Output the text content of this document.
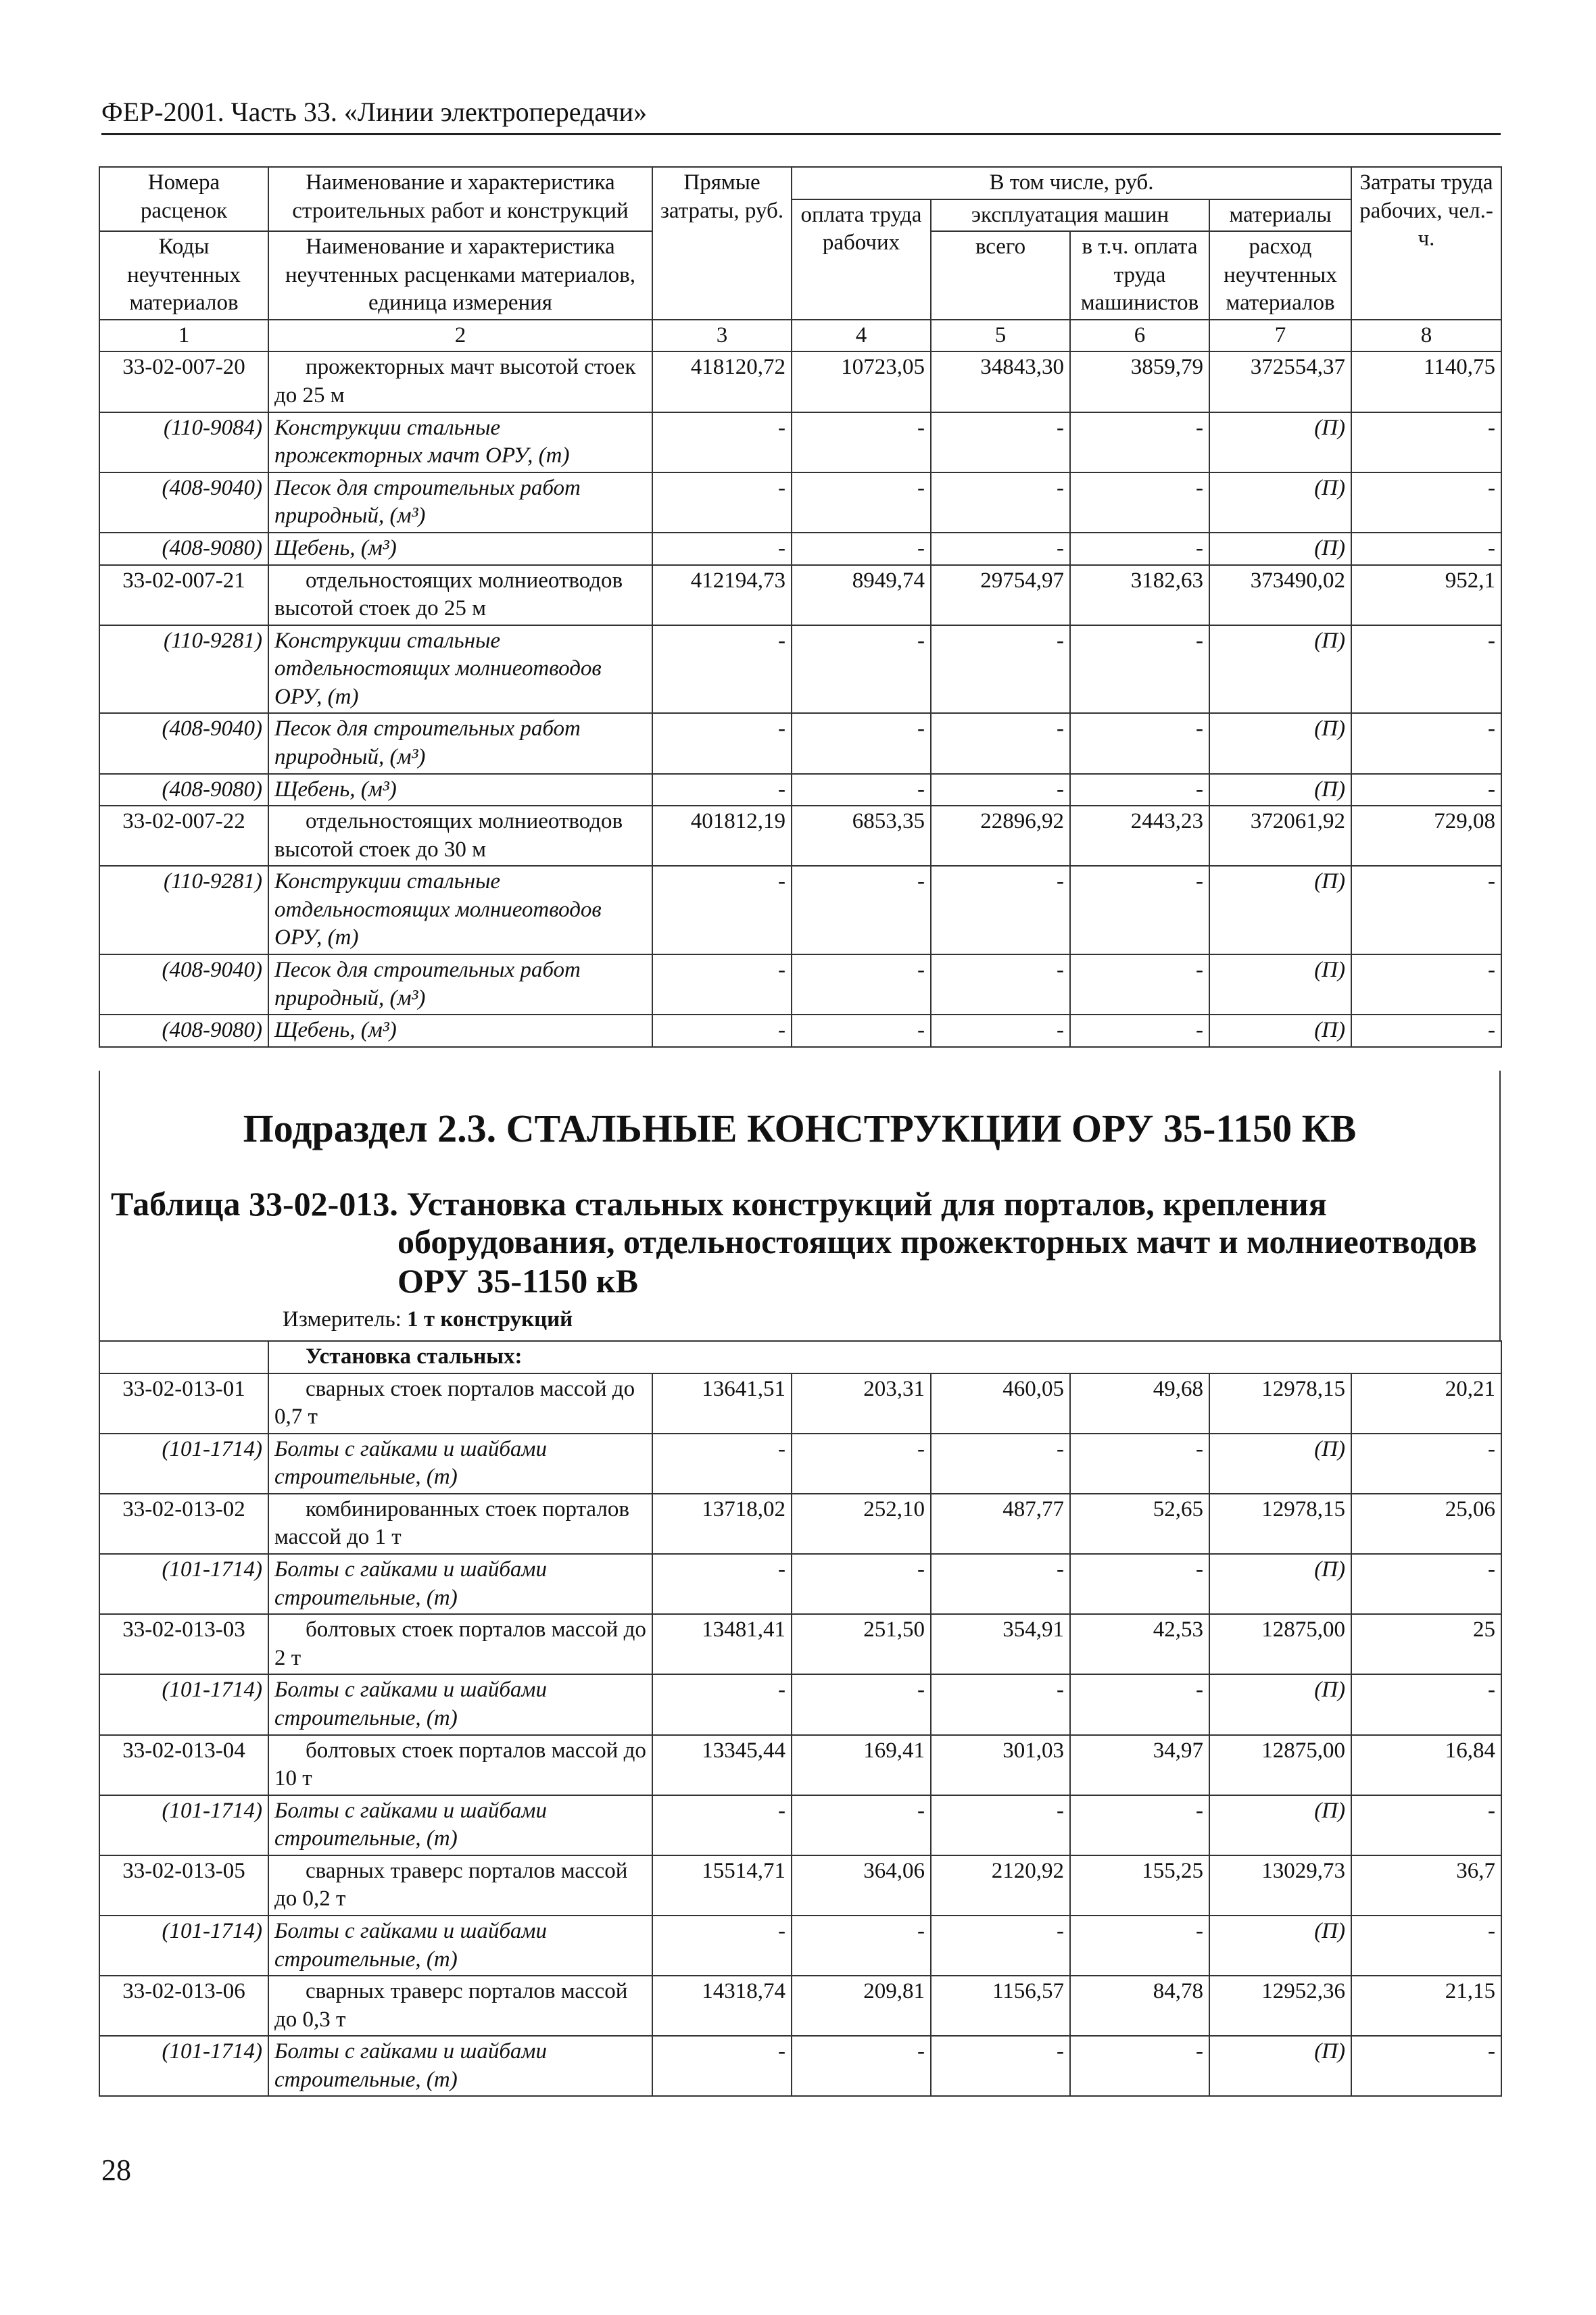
ФЕР-2001. Часть 33. «Линии электропередачи»
Номера расценок	Наименование и характеристика строительных работ и конструкций	Прямые затраты, руб.	В том числе, руб.				Затраты труда рабочих, чел.-ч.
			оплата труда рабочих	эксплуатация машин		материалы	
Коды неучтенных материалов	Наименование и характеристика неучтенных расценками материалов, единица измерения			всего	в т.ч. оплата труда машинистов	расход неучтенных материалов	

1	2	3	4	5	6	7	8
33-02-007-20	прожекторных мачт высотой стоек до 25 м	418120,72	10723,05	34843,30	3859,79	372554,37	1140,75
(110-9084)	Конструкции стальные прожекторных мачт ОРУ, (т)	-	-	-	-	(П)	-
(408-9040)	Песок для строительных работ природный, (м³)	-	-	-	-	(П)	-
(408-9080)	Щебень, (м³)	-	-	-	-	(П)	-
33-02-007-21	отдельностоящих молниеотводов высотой стоек до 25 м	412194,73	8949,74	29754,97	3182,63	373490,02	952,1
(110-9281)	Конструкции стальные отдельностоящих молниеотводов ОРУ, (т)	-	-	-	-	(П)	-
(408-9040)	Песок для строительных работ природный, (м³)	-	-	-	-	(П)	-
(408-9080)	Щебень, (м³)	-	-	-	-	(П)	-
33-02-007-22	отдельностоящих молниеотводов высотой стоек до 30 м	401812,19	6853,35	22896,92	2443,23	372061,92	729,08
(110-9281)	Конструкции стальные отдельностоящих молниеотводов ОРУ, (т)	-	-	-	-	(П)	-
(408-9040)	Песок для строительных работ природный, (м³)	-	-	-	-	(П)	-
(408-9080)	Щебень, (м³)	-	-	-	-	(П)	-
Подраздел 2.3. СТАЛЬНЫЕ КОНСТРУКЦИИ ОРУ 35-1150 КВ
Таблица 33-02-013. Установка стальных конструкций для порталов, крепления
оборудования, отдельностоящих прожекторных мачт и молниеотводов
ОРУ 35-1150 кВ
Измеритель: 1 т конструкций
	Установка стальных:						
33-02-013-01	сварных стоек порталов массой до 0,7 т	13641,51	203,31	460,05	49,68	12978,15	20,21
(101-1714)	Болты с гайками и шайбами строительные, (т)	-	-	-	-	(П)	-
33-02-013-02	комбинированных стоек порталов массой до 1 т	13718,02	252,10	487,77	52,65	12978,15	25,06
(101-1714)	Болты с гайками и шайбами строительные, (т)	-	-	-	-	(П)	-
33-02-013-03	болтовых стоек порталов массой до 2 т	13481,41	251,50	354,91	42,53	12875,00	25
(101-1714)	Болты с гайками и шайбами строительные, (т)	-	-	-	-	(П)	-
33-02-013-04	болтовых стоек порталов массой до 10 т	13345,44	169,41	301,03	34,97	12875,00	16,84
(101-1714)	Болты с гайками и шайбами строительные, (т)	-	-	-	-	(П)	-
33-02-013-05	сварных траверс порталов массой до 0,2 т	15514,71	364,06	2120,92	155,25	13029,73	36,7
(101-1714)	Болты с гайками и шайбами строительные, (т)	-	-	-	-	(П)	-
33-02-013-06	сварных траверс порталов массой до 0,3 т	14318,74	209,81	1156,57	84,78	12952,36	21,15
(101-1714)	Болты с гайками и шайбами строительные, (т)	-	-	-	-	(П)	-
28
